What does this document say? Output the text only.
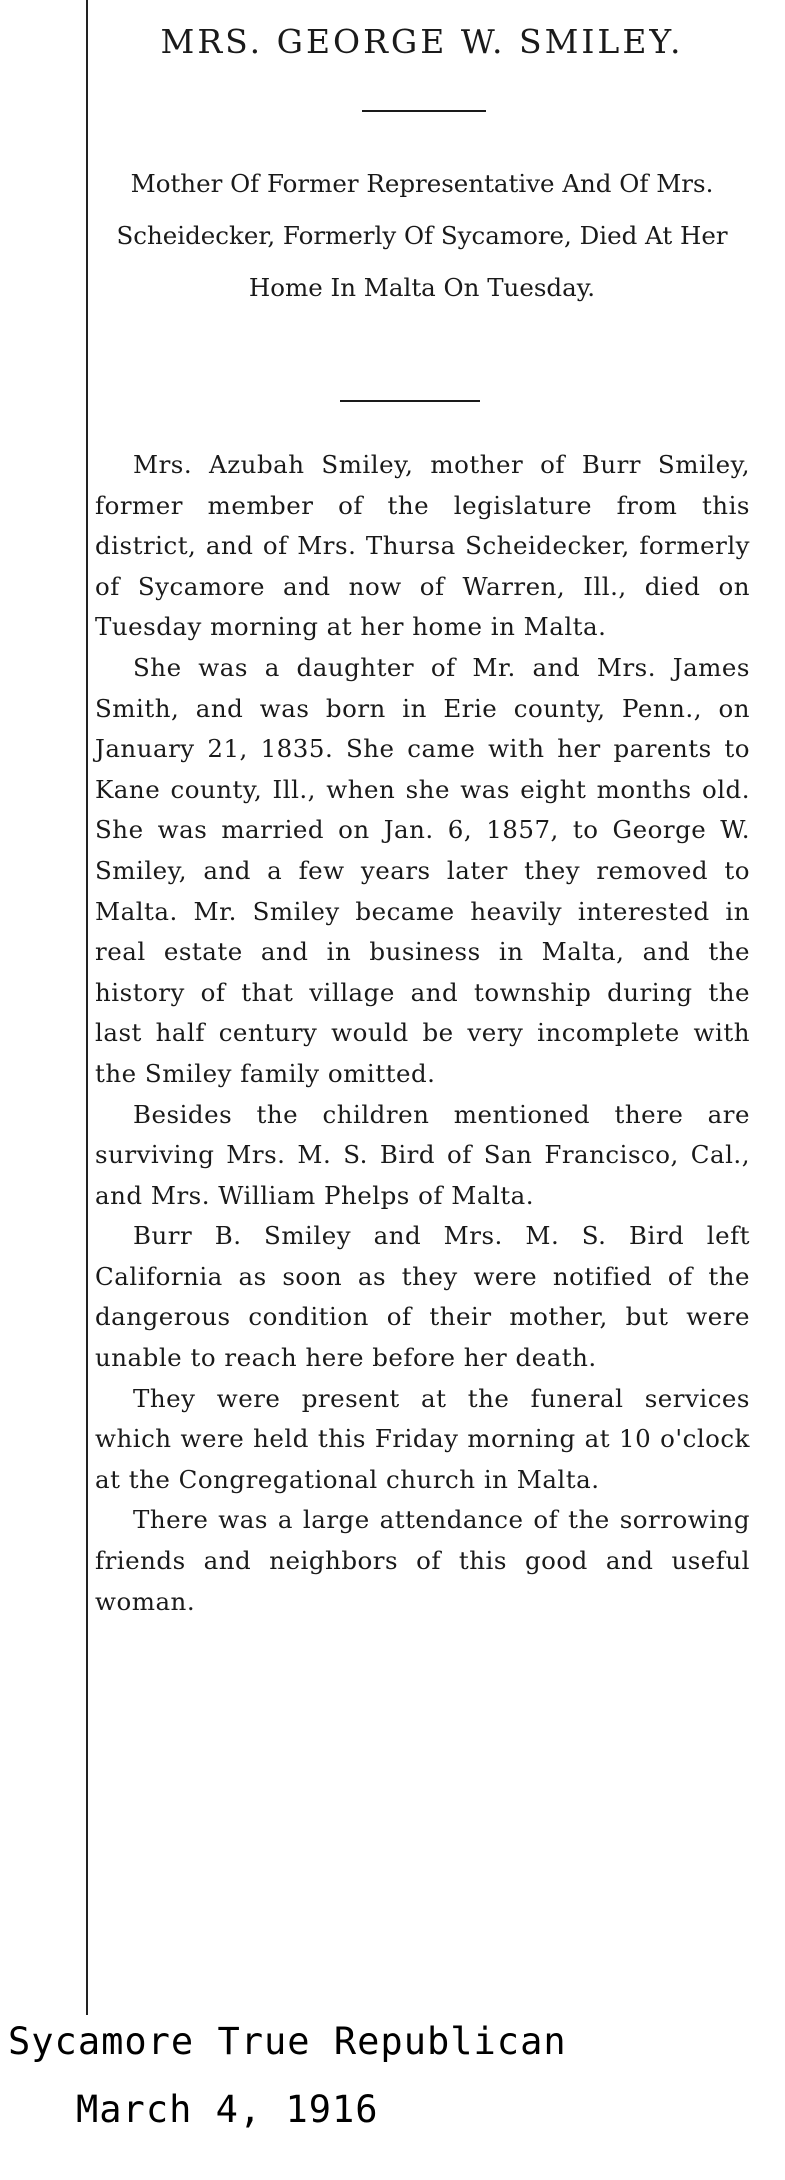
MRS. GEORGE W. SMILEY.
Mother Of Former Representative And Of Mrs. Scheidecker, Formerly Of Sycamore, Died At Her Home In Malta On Tuesday.

Mrs. Azubah Smiley, mother of Burr Smiley, former member of the legislature from this district, and of Mrs. Thursa Scheidecker, formerly of Sycamore and now of Warren, Ill., died on Tuesday morning at her home in Malta.

She was a daughter of Mr. and Mrs. James Smith, and was born in Erie county, Penn., on January 21, 1835. She came with her parents to Kane county, Ill., when she was eight months old. She was married on Jan. 6, 1857, to George W. Smiley, and a few years later they removed to Malta. Mr. Smiley became heavily interested in real estate and in business in Malta, and the history of that village and township during the last half century would be very incomplete with the Smiley family omitted.

Besides the children mentioned there are surviving Mrs. M. S. Bird of San Francisco, Cal., and Mrs. William Phelps of Malta.

Burr B. Smiley and Mrs. M. S. Bird left California as soon as they were notified of the dangerous condition of their mother, but were unable to reach here before her death.

They were present at the funeral services which were held this Friday morning at 10 o'clock at the Congregational church in Malta.

There was a large attendance of the sorrowing friends and neighbors of this good and useful woman.

Sycamore True Republican
March 4, 1916
